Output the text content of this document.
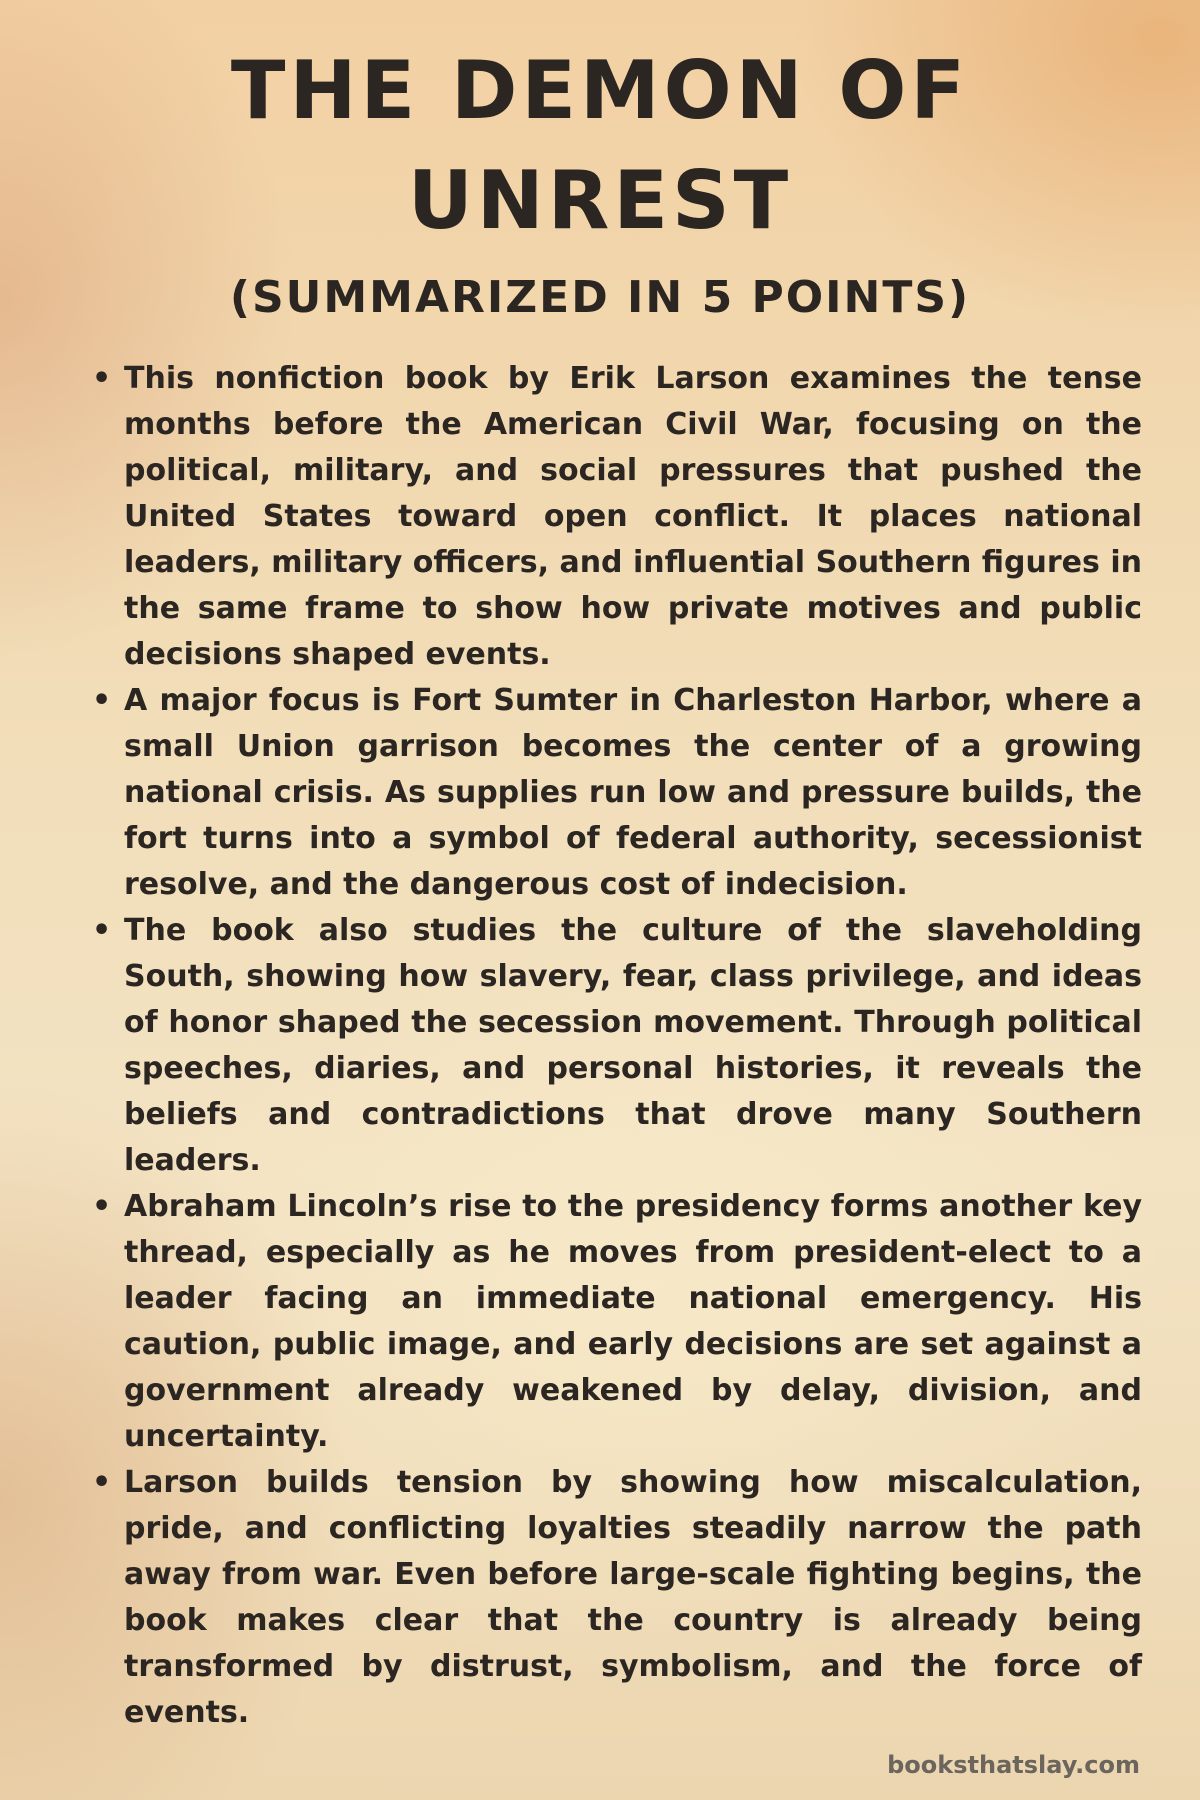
THE DEMON OF UNREST
(SUMMARIZED IN 5 POINTS)
• This nonfiction book by Erik Larson examines the tense months before the American Civil War, focusing on the political, military, and social pressures that pushed the United States toward open conflict. It places national leaders, military officers, and influential Southern figures in the same frame to show how private motives and public decisions shaped events.
• A major focus is Fort Sumter in Charleston Harbor, where a small Union garrison becomes the center of a growing national crisis. As supplies run low and pressure builds, the fort turns into a symbol of federal authority, secessionist resolve, and the dangerous cost of indecision.
• The book also studies the culture of the slaveholding South, showing how slavery, fear, class privilege, and ideas of honor shaped the secession movement. Through political speeches, diaries, and personal histories, it reveals the beliefs and contradictions that drove many Southern leaders.
• Abraham Lincoln’s rise to the presidency forms another key thread, especially as he moves from president-elect to a leader facing an immediate national emergency. His caution, public image, and early decisions are set against a government already weakened by delay, division, and uncertainty.
• Larson builds tension by showing how miscalculation, pride, and conflicting loyalties steadily narrow the path away from war. Even before large-scale fighting begins, the book makes clear that the country is already being transformed by distrust, symbolism, and the force of events.
booksthatslay.com
